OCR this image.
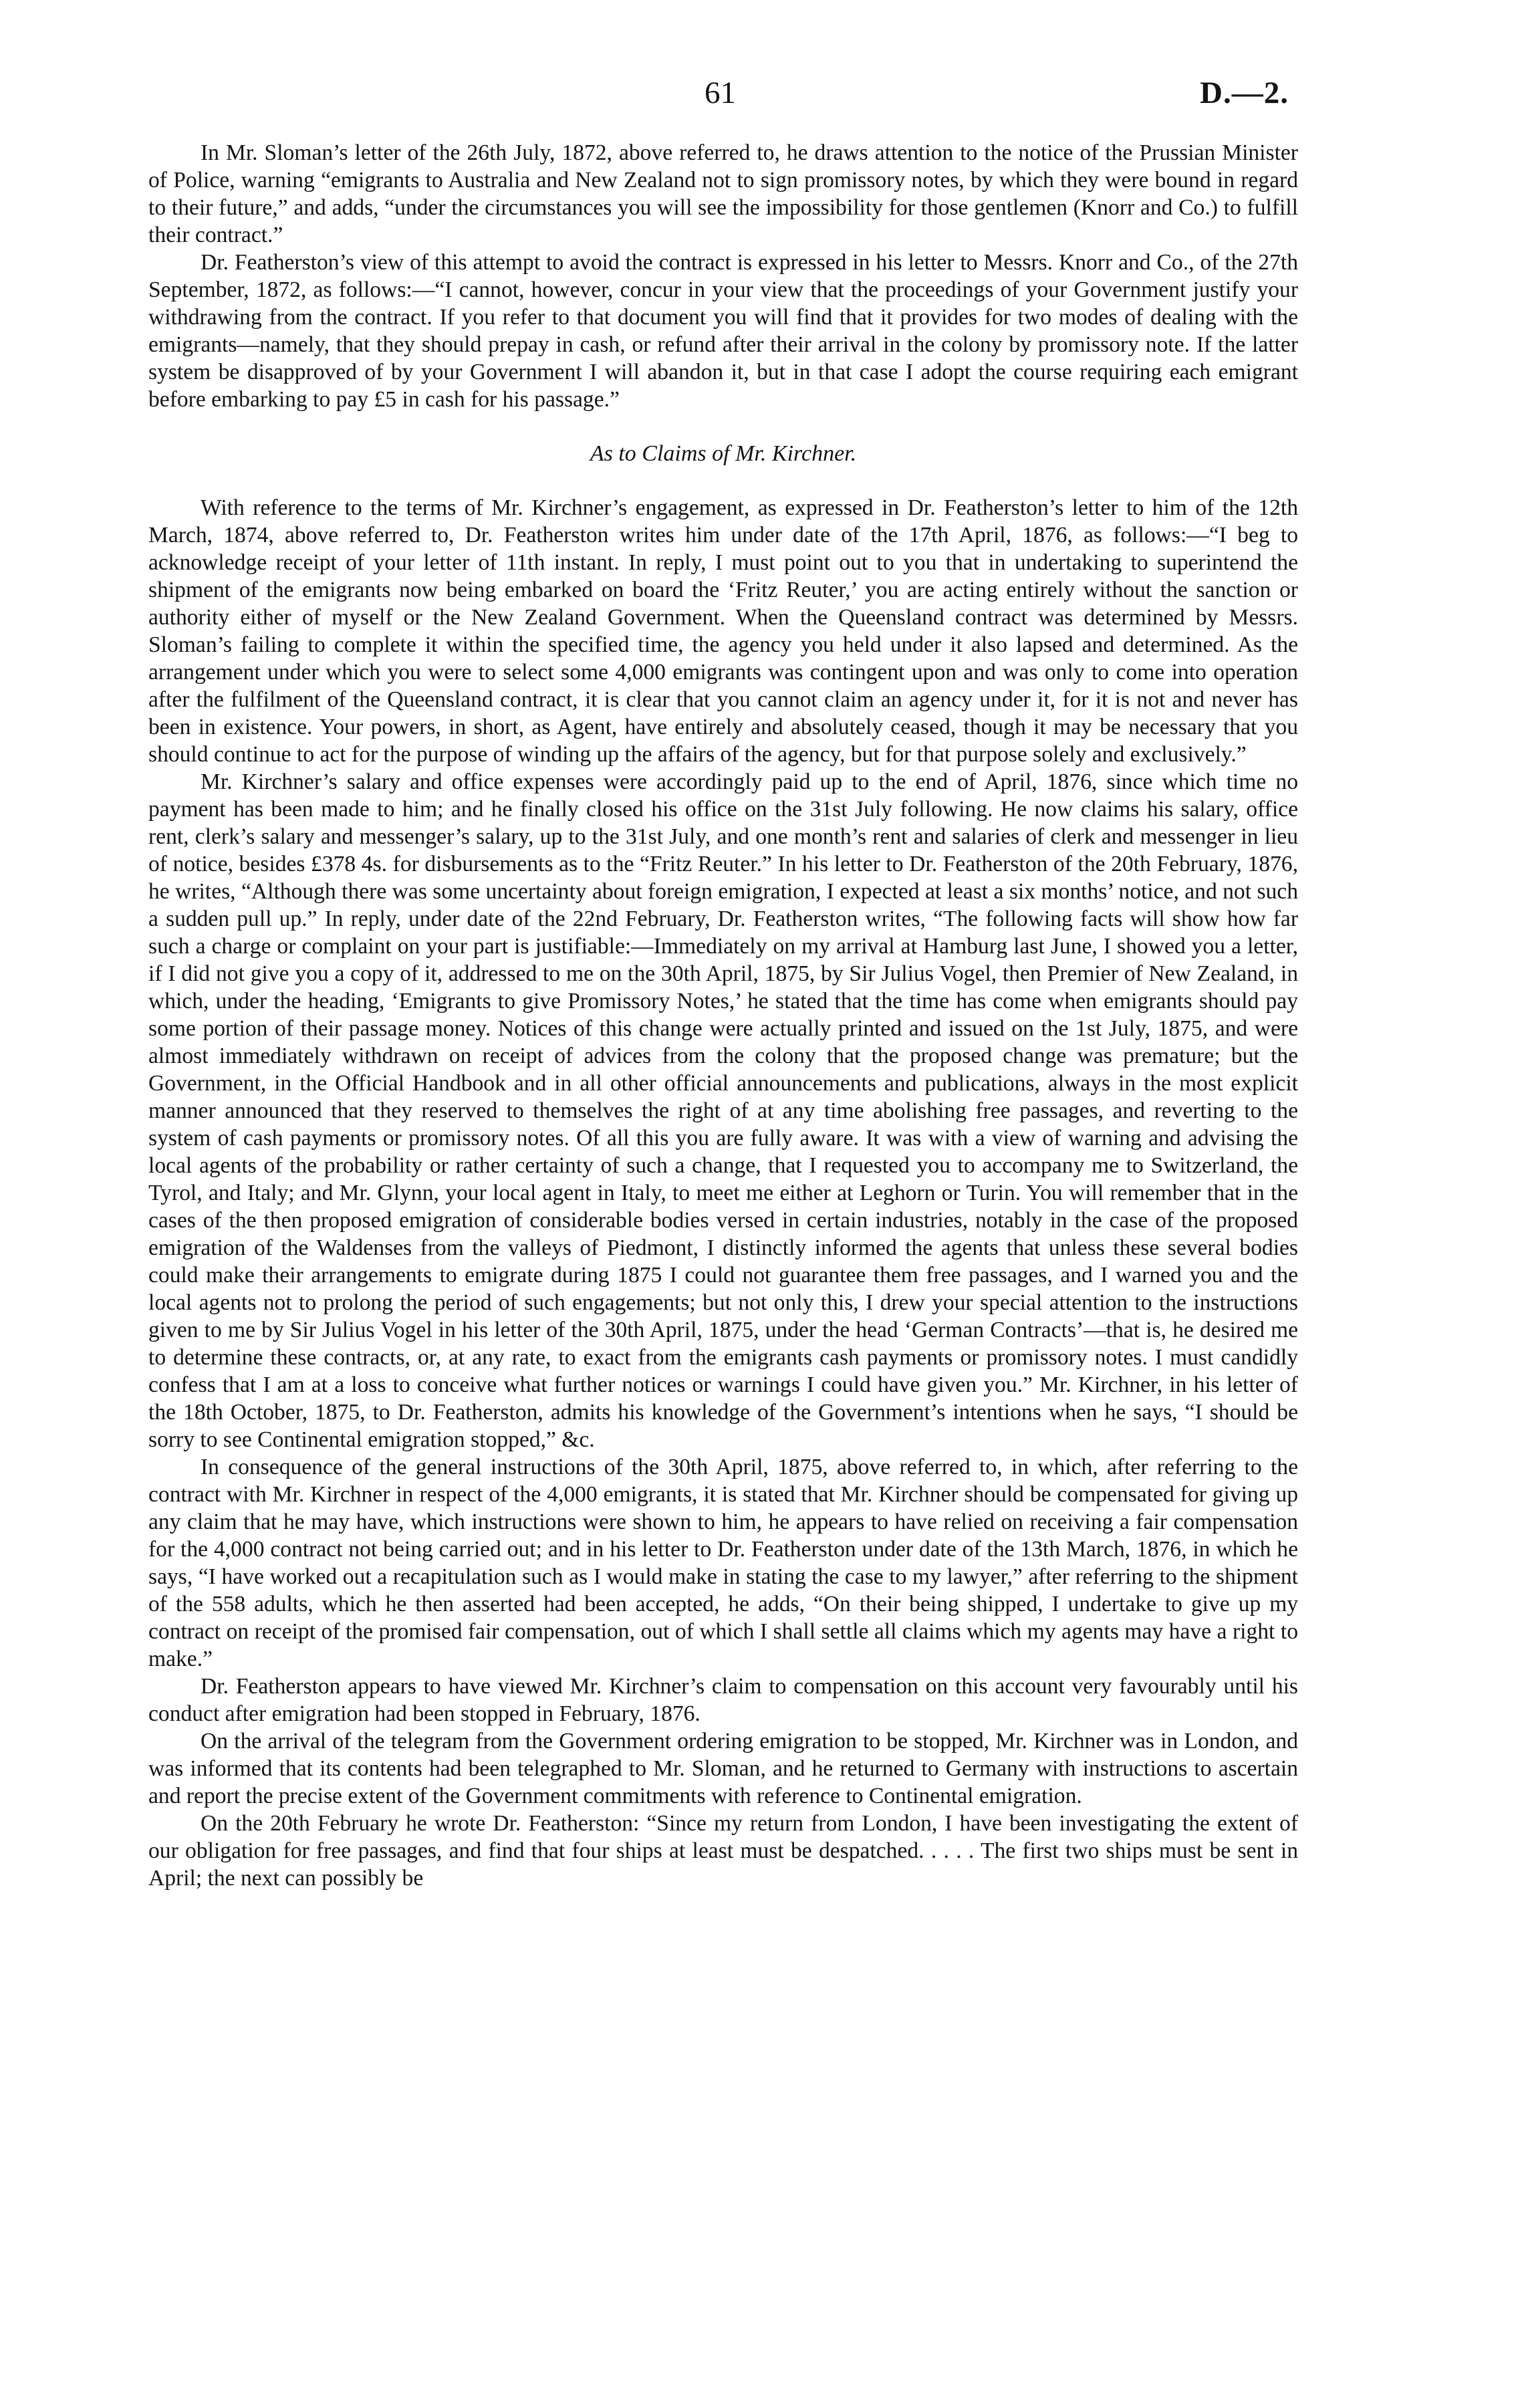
61	D.—2.

In Mr. Sloman’s letter of the 26th July, 1872, above referred to, he draws attention to the notice of the Prussian Minister of Police, warning “emigrants to Australia and New Zealand not to sign promissory notes, by which they were bound in regard to their future,” and adds, “under the circumstances you will see the impossibility for those gentlemen (Knorr and Co.) to fulfill their contract.”

Dr. Featherston’s view of this attempt to avoid the contract is expressed in his letter to Messrs. Knorr and Co., of the 27th September, 1872, as follows:—“I cannot, however, concur in your view that the proceedings of your Government justify your withdrawing from the contract. If you refer to that document you will find that it provides for two modes of dealing with the emigrants—namely, that they should prepay in cash, or refund after their arrival in the colony by promissory note. If the latter system be disapproved of by your Government I will abandon it, but in that case I adopt the course requiring each emigrant before embarking to pay £5 in cash for his passage.”

As to Claims of Mr. Kirchner.

With reference to the terms of Mr. Kirchner’s engagement, as expressed in Dr. Featherston’s letter to him of the 12th March, 1874, above referred to, Dr. Featherston writes him under date of the 17th April, 1876, as follows:—“I beg to acknowledge receipt of your letter of 11th instant. In reply, I must point out to you that in undertaking to superintend the shipment of the emigrants now being embarked on board the ‘Fritz Reuter,’ you are acting entirely without the sanction or authority either of myself or the New Zealand Government. When the Queensland contract was determined by Messrs. Sloman’s failing to complete it within the specified time, the agency you held under it also lapsed and determined. As the arrangement under which you were to select some 4,000 emigrants was contingent upon and was only to come into operation after the fulfilment of the Queensland contract, it is clear that you cannot claim an agency under it, for it is not and never has been in existence. Your powers, in short, as Agent, have entirely and absolutely ceased, though it may be necessary that you should continue to act for the purpose of winding up the affairs of the agency, but for that purpose solely and exclusively.”

Mr. Kirchner’s salary and office expenses were accordingly paid up to the end of April, 1876, since which time no payment has been made to him; and he finally closed his office on the 31st July following. He now claims his salary, office rent, clerk’s salary and messenger’s salary, up to the 31st July, and one month’s rent and salaries of clerk and messenger in lieu of notice, besides £378 4s. for disbursements as to the “Fritz Reuter.” In his letter to Dr. Featherston of the 20th February, 1876, he writes, “Although there was some uncertainty about foreign emigration, I expected at least a six months’ notice, and not such a sudden pull up.” In reply, under date of the 22nd February, Dr. Featherston writes, “The following facts will show how far such a charge or complaint on your part is justifiable:—Immediately on my arrival at Hamburg last June, I showed you a letter, if I did not give you a copy of it, addressed to me on the 30th April, 1875, by Sir Julius Vogel, then Premier of New Zealand, in which, under the heading, ‘Emigrants to give Promissory Notes,’ he stated that the time has come when emigrants should pay some portion of their passage money. Notices of this change were actually printed and issued on the 1st July, 1875, and were almost immediately withdrawn on receipt of advices from the colony that the proposed change was premature; but the Government, in the Official Handbook and in all other official announcements and publications, always in the most explicit manner announced that they reserved to themselves the right of at any time abolishing free passages, and reverting to the system of cash payments or promissory notes. Of all this you are fully aware. It was with a view of warning and advising the local agents of the probability or rather certainty of such a change, that I requested you to accompany me to Switzerland, the Tyrol, and Italy; and Mr. Glynn, your local agent in Italy, to meet me either at Leghorn or Turin. You will remember that in the cases of the then proposed emigration of considerable bodies versed in certain industries, notably in the case of the proposed emigration of the Waldenses from the valleys of Piedmont, I distinctly informed the agents that unless these several bodies could make their arrangements to emigrate during 1875 I could not guarantee them free passages, and I warned you and the local agents not to prolong the period of such engagements; but not only this, I drew your special attention to the instructions given to me by Sir Julius Vogel in his letter of the 30th April, 1875, under the head ‘German Contracts’—that is, he desired me to determine these contracts, or, at any rate, to exact from the emigrants cash payments or promissory notes. I must candidly confess that I am at a loss to conceive what further notices or warnings I could have given you.” Mr. Kirchner, in his letter of the 18th October, 1875, to Dr. Featherston, admits his knowledge of the Government’s intentions when he says, “I should be sorry to see Continental emigration stopped,” &c.

In consequence of the general instructions of the 30th April, 1875, above referred to, in which, after referring to the contract with Mr. Kirchner in respect of the 4,000 emigrants, it is stated that Mr. Kirchner should be compensated for giving up any claim that he may have, which instructions were shown to him, he appears to have relied on receiving a fair compensation for the 4,000 contract not being carried out; and in his letter to Dr. Featherston under date of the 13th March, 1876, in which he says, “I have worked out a recapitulation such as I would make in stating the case to my lawyer,” after referring to the shipment of the 558 adults, which he then asserted had been accepted, he adds, “On their being shipped, I undertake to give up my contract on receipt of the promised fair compensation, out of which I shall settle all claims which my agents may have a right to make.”

Dr. Featherston appears to have viewed Mr. Kirchner’s claim to compensation on this account very favourably until his conduct after emigration had been stopped in February, 1876.

On the arrival of the telegram from the Government ordering emigration to be stopped, Mr. Kirchner was in London, and was informed that its contents had been telegraphed to Mr. Sloman, and he returned to Germany with instructions to ascertain and report the precise extent of the Government commitments with reference to Continental emigration.

On the 20th February he wrote Dr. Featherston: “Since my return from London, I have been investigating the extent of our obligation for free passages, and find that four ships at least must be despatched. . . . . The first two ships must be sent in April; the next can possibly be
